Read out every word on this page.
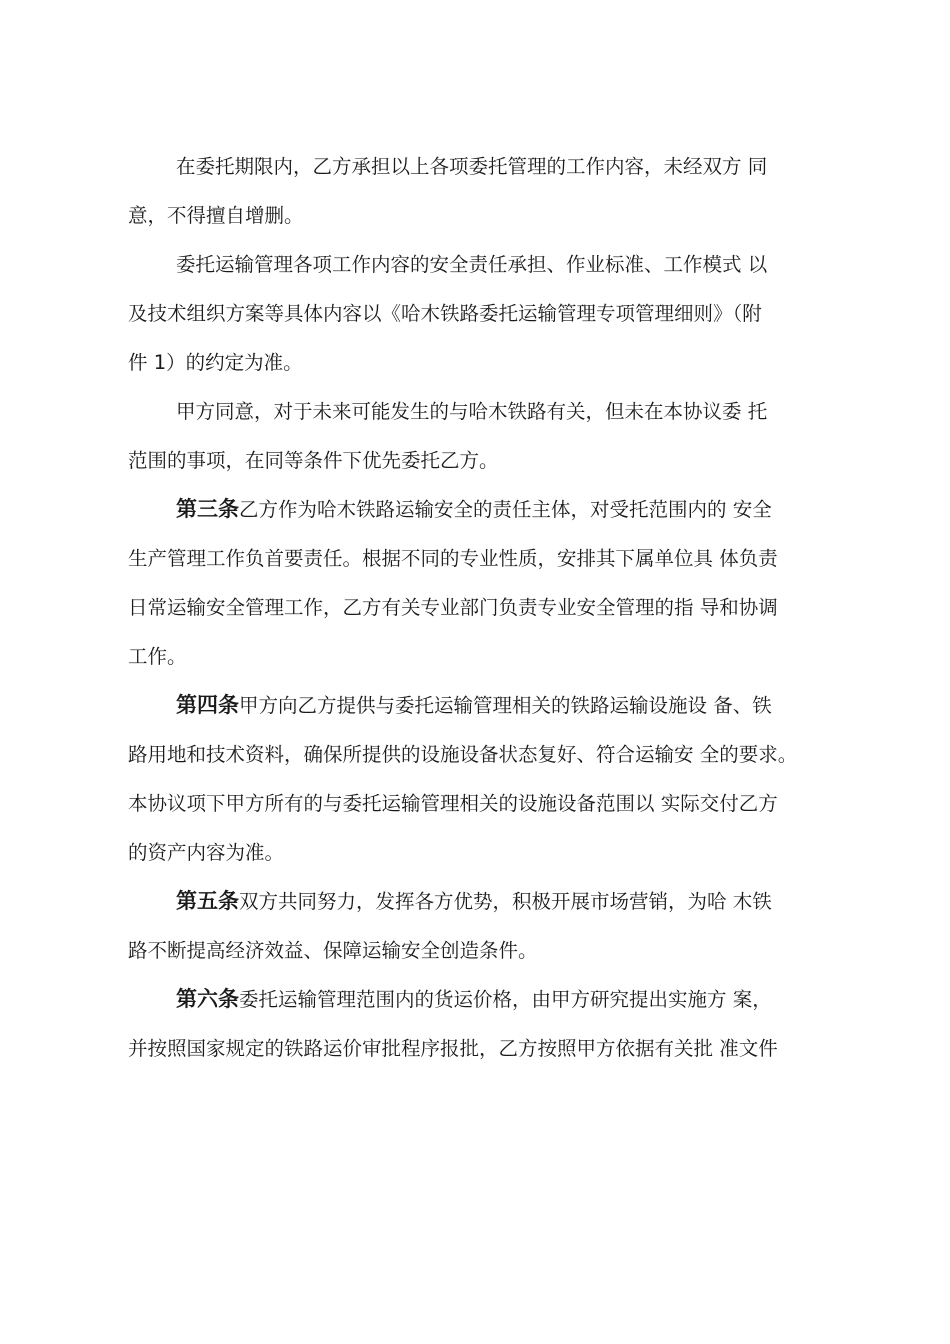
在委托期限内，乙方承担以上各项委托管理的工作内容，未经双方 同
意，不得擅自增删。
委托运输管理各项工作内容的安全责任承担、作业标准、工作模式 以
及技术组织方案等具体内容以《哈木铁路委托运输管理专项管理细则》（附
件 1）的约定为准。
甲方同意，对于未来可能发生的与哈木铁路有关，但未在本协议委 托
范围的事项，在同等条件下优先委托乙方。
第三条乙方作为哈木铁路运输安全的责任主体，对受托范围内的 安全
生产管理工作负首要责任。根据不同的专业性质，安排其下属单位具 体负责
日常运输安全管理工作，乙方有关专业部门负责专业安全管理的指 导和协调
工作。
第四条甲方向乙方提供与委托运输管理相关的铁路运输设施设 备、铁
路用地和技术资料，确保所提供的设施设备状态复好、符合运输安 全的要求。
本协议项下甲方所有的与委托运输管理相关的设施设备范围以 实际交付乙方
的资产内容为准。
第五条双方共同努力，发挥各方优势，积极开展市场营销，为哈 木铁
路不断提高经济效益、保障运输安全创造条件。
第六条委托运输管理范围内的货运价格，由甲方研究提出实施方 案，
并按照国家规定的铁路运价审批程序报批，乙方按照甲方依据有关批 准文件
